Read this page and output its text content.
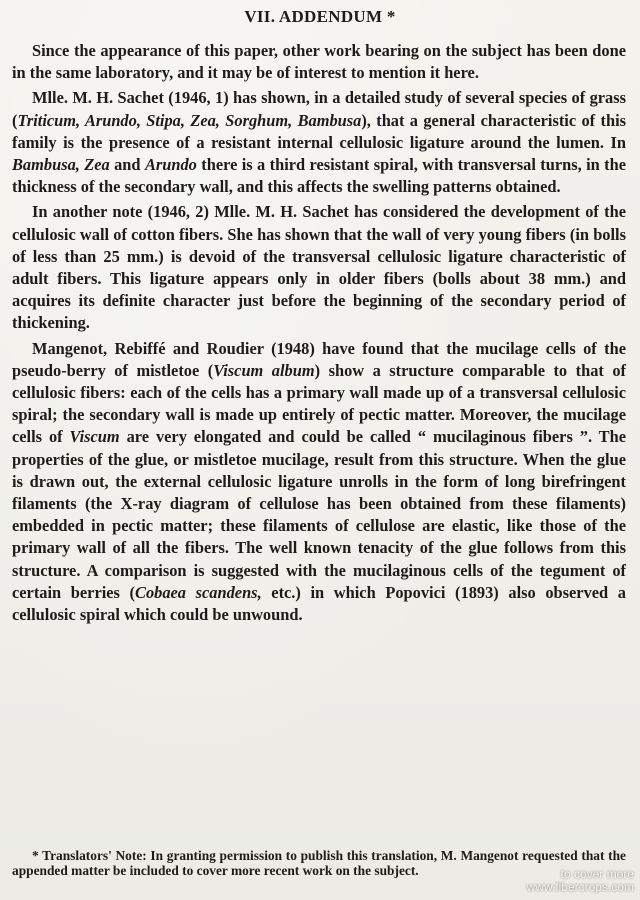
VII. ADDENDUM *

Since the appearance of this paper, other work bearing on the subject has been done in the same laboratory, and it may be of interest to mention it here.

Mlle. M. H. Sachet (1946, 1) has shown, in a detailed study of several species of grass (Triticum, Arundo, Stipa, Zea, Sorghum, Bambusa), that a general characteristic of this family is the presence of a resistant internal cellulosic ligature around the lumen. In Bambusa, Zea and Arundo there is a third resistant spiral, with transversal turns, in the thickness of the secondary wall, and this affects the swelling patterns obtained.

In another note (1946, 2) Mlle. M. H. Sachet has considered the development of the cellulosic wall of cotton fibers. She has shown that the wall of very young fibers (in bolls of less than 25 mm.) is devoid of the transversal cellulosic ligature characteristic of adult fibers. This ligature appears only in older fibers (bolls about 38 mm.) and acquires its definite character just before the beginning of the secondary period of thickening.

Mangenot, Rebiffé and Roudier (1948) have found that the mucilage cells of the pseudo-berry of mistletoe (Viscum album) show a structure comparable to that of cellulosic fibers: each of the cells has a primary wall made up of a transversal cellulosic spiral; the secondary wall is made up entirely of pectic matter. Moreover, the mucilage cells of Viscum are very elongated and could be called “ mucilaginous fibers ”. The properties of the glue, or mistletoe mucilage, result from this structure. When the glue is drawn out, the external cellulosic ligature unrolls in the form of long birefringent filaments (the X-ray diagram of cellulose has been obtained from these filaments) embedded in pectic matter; these filaments of cellulose are elastic, like those of the primary wall of all the fibers. The well known tenacity of the glue follows from this structure. A comparison is suggested with the mucilaginous cells of the tegument of certain berries (Cobaea scandens, etc.) in which Popovici (1893) also observed a cellulosic spiral which could be unwound.

* Translators' Note: In granting permission to publish this translation, M. Mangenot requested that the appended matter be included to cover more recent work on the subject.	to cover more
www.fibercrops.com
